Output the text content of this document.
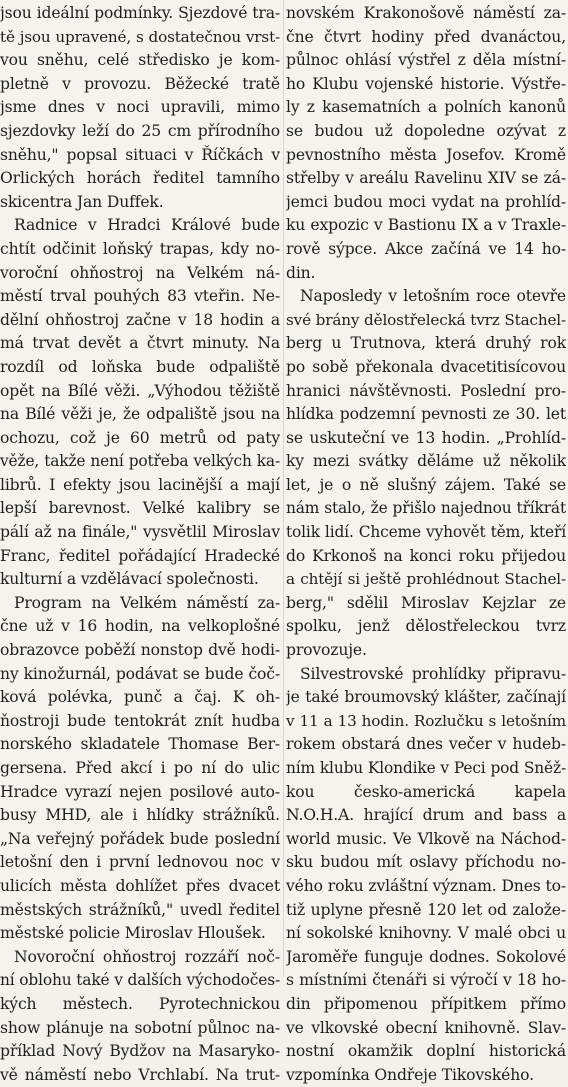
jsou ideální podmínky. Sjezdové tra-
tě jsou upravené, s dostatečnou vrst-
vou sněhu, celé středisko je kom-
pletně v provozu. Běžecké tratě
jsme dnes v noci upravili, mimo
sjezdovky leží do 25 cm přírodního
sněhu," popsal situaci v Říčkách v
Orlických horách ředitel tamního
skicentra Jan Duffek.
Radnice v Hradci Králové bude
chtít odčinit loňský trapas, kdy no-
voroční ohňostroj na Velkém ná-
městí trval pouhých 83 vteřin. Ne-
dělní ohňostroj začne v 18 hodin a
má trvat devět a čtvrt minuty. Na
rozdíl od loňska bude odpaliště
opět na Bílé věži. „Výhodou těžiště
na Bílé věži je, že odpaliště jsou na
ochozu, což je 60 metrů od paty
věže, takže není potřeba velkých ka-
librů. I efekty jsou lacinější a mají
lepší barevnost. Velké kalibry se
pálí až na finále," vysvětlil Miroslav
Franc, ředitel pořádající Hradecké
kulturní a vzdělávací společnosti.
Program na Velkém náměstí za-
čne už v 16 hodin, na velkoplošné
obrazovce poběží nonstop dvě hodi-
ny kinožurnál, podávat se bude čoč-
ková polévka, punč a čaj. K oh-
ňostroji bude tentokrát znít hudba
norského skladatele Thomase Ber-
gersena. Před akcí i po ní do ulic
Hradce vyrazí nejen posilové auto-
busy MHD, ale i hlídky strážníků.
„Na veřejný pořádek bude poslední
letošní den i první lednovou noc v
ulicích města dohlížet přes dvacet
městských strážníků," uvedl ředitel
městské policie Miroslav Hloušek.
Novoroční ohňostroj rozzáří noč-
ní oblohu také v dalších východočes-
kých městech. Pyrotechnickou
show plánuje na sobotní půlnoc na-
příklad Nový Bydžov na Masaryko-
vě náměstí nebo Vrchlabí. Na trut-
novském Krakonošově náměstí za-
čne čtvrt hodiny před dvanáctou,
půlnoc ohlásí výstřel z děla místní-
ho Klubu vojenské historie. Výstře-
ly z kasematních a polních kanonů
se budou už dopoledne ozývat z
pevnostního města Josefov. Kromě
střelby v areálu Ravelinu XIV se zá-
jemci budou moci vydat na prohlíd-
ku expozic v Bastionu IX a v Traxle-
rově sýpce. Akce začíná ve 14 ho-
din.
Naposledy v letošním roce otevře
své brány dělostřelecká tvrz Stachel-
berg u Trutnova, která druhý rok
po sobě překonala dvacetitisícovou
hranici návštěvnosti. Poslední pro-
hlídka podzemní pevnosti ze 30. let
se uskuteční ve 13 hodin. „Prohlíd-
ky mezi svátky děláme už několik
let, je o ně slušný zájem. Také se
nám stalo, že přišlo najednou tříkrát
tolik lidí. Chceme vyhovět těm, kteří
do Krkonoš na konci roku přijedou
a chtějí si ještě prohlédnout Stachel-
berg," sdělil Miroslav Kejzlar ze
spolku, jenž dělostřeleckou tvrz
provozuje.
Silvestrovské prohlídky připravu-
je také broumovský klášter, začínají
v 11 a 13 hodin. Rozlučku s letošním
rokem obstará dnes večer v hudeb-
ním klubu Klondike v Peci pod Sněž-
kou česko-americká kapela
N.O.H.A. hrající drum and bass a
world music. Ve Vlkově na Náchod-
sku budou mít oslavy příchodu no-
vého roku zvláštní význam. Dnes to-
tiž uplyne přesně 120 let od založe-
ní sokolské knihovny. V malé obci u
Jaroměře funguje dodnes. Sokolové
s místními čtenáři si výročí v 18 ho-
din připomenou přípitkem přímo
ve vlkovské obecní knihovně. Slav-
nostní okamžik doplní historická
vzpomínka Ondřeje Tikovského.
